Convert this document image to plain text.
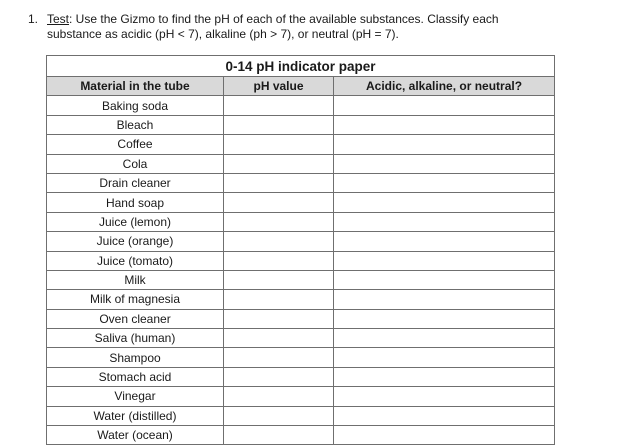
1. Test: Use the Gizmo to find the pH of each of the available substances. Classify each
substance as acidic (pH < 7), alkaline (ph > 7), or neutral (pH = 7).
0-14 pH indicator paper		
Material in the tube	pH value	Acidic, alkaline, or neutral?
Baking soda		
Bleach		
Coffee		
Cola		
Drain cleaner		
Hand soap		
Juice (lemon)		
Juice (orange)		
Juice (tomato)		
Milk		
Milk of magnesia		
Oven cleaner		
Saliva (human)		
Shampoo		
Stomach acid		
Vinegar		
Water (distilled)		
Water (ocean)		
